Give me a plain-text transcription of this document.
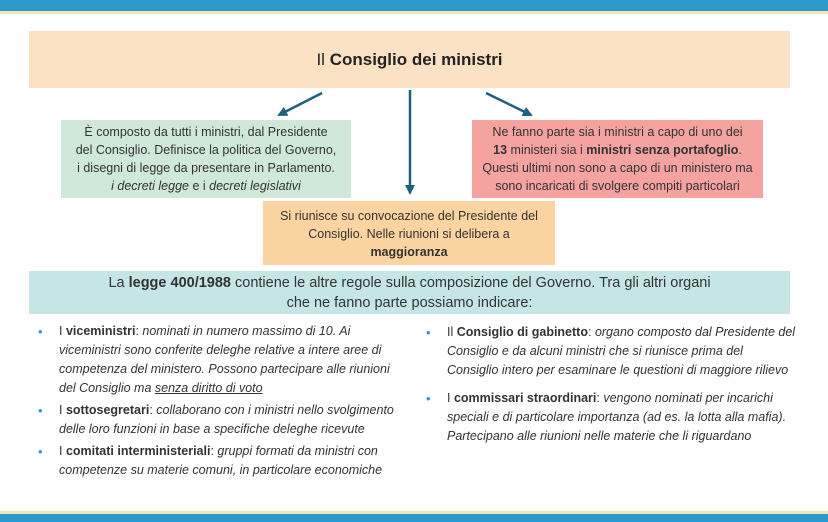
Il Consiglio dei ministri
È composto da tutti i ministri, dal Presidente
del Consiglio. Definisce la politica del Governo,
i disegni di legge da presentare in Parlamento.
i decreti legge e i decreti legislativi
Ne fanno parte sia i ministri a capo di uno dei
13 ministeri sia i ministri senza portafoglio.
Questi ultimi non sono a capo di un ministero ma
sono incaricati di svolgere compiti particolari
Si riunisce su convocazione del Presidente del
Consiglio. Nelle riunioni si delibera a
maggioranza
La legge 400/1988 contiene le altre regole sulla composizione del Governo. Tra gli altri organi
che ne fanno parte possiamo indicare:
• I viceministri: nominati in numero massimo di 10. Ai viceministri sono conferite deleghe relative a intere aree di competenza del ministero. Possono partecipare alle riunioni del Consiglio ma senza diritto di voto
• I sottosegretari: collaborano con i ministri nello svolgimento delle loro funzioni in base a specifiche deleghe ricevute
• I comitati interministeriali: gruppi formati da ministri con competenze su materie comuni, in particolare economiche
• Il Consiglio di gabinetto: organo composto dal Presidente del Consiglio e da alcuni ministri che si riunisce prima del Consiglio intero per esaminare le questioni di maggiore rilievo
• I commissari straordinari: vengono nominati per incarichi speciali e di particolare importanza (ad es. la lotta alla mafia). Partecipano alle riunioni nelle materie che li riguardano
